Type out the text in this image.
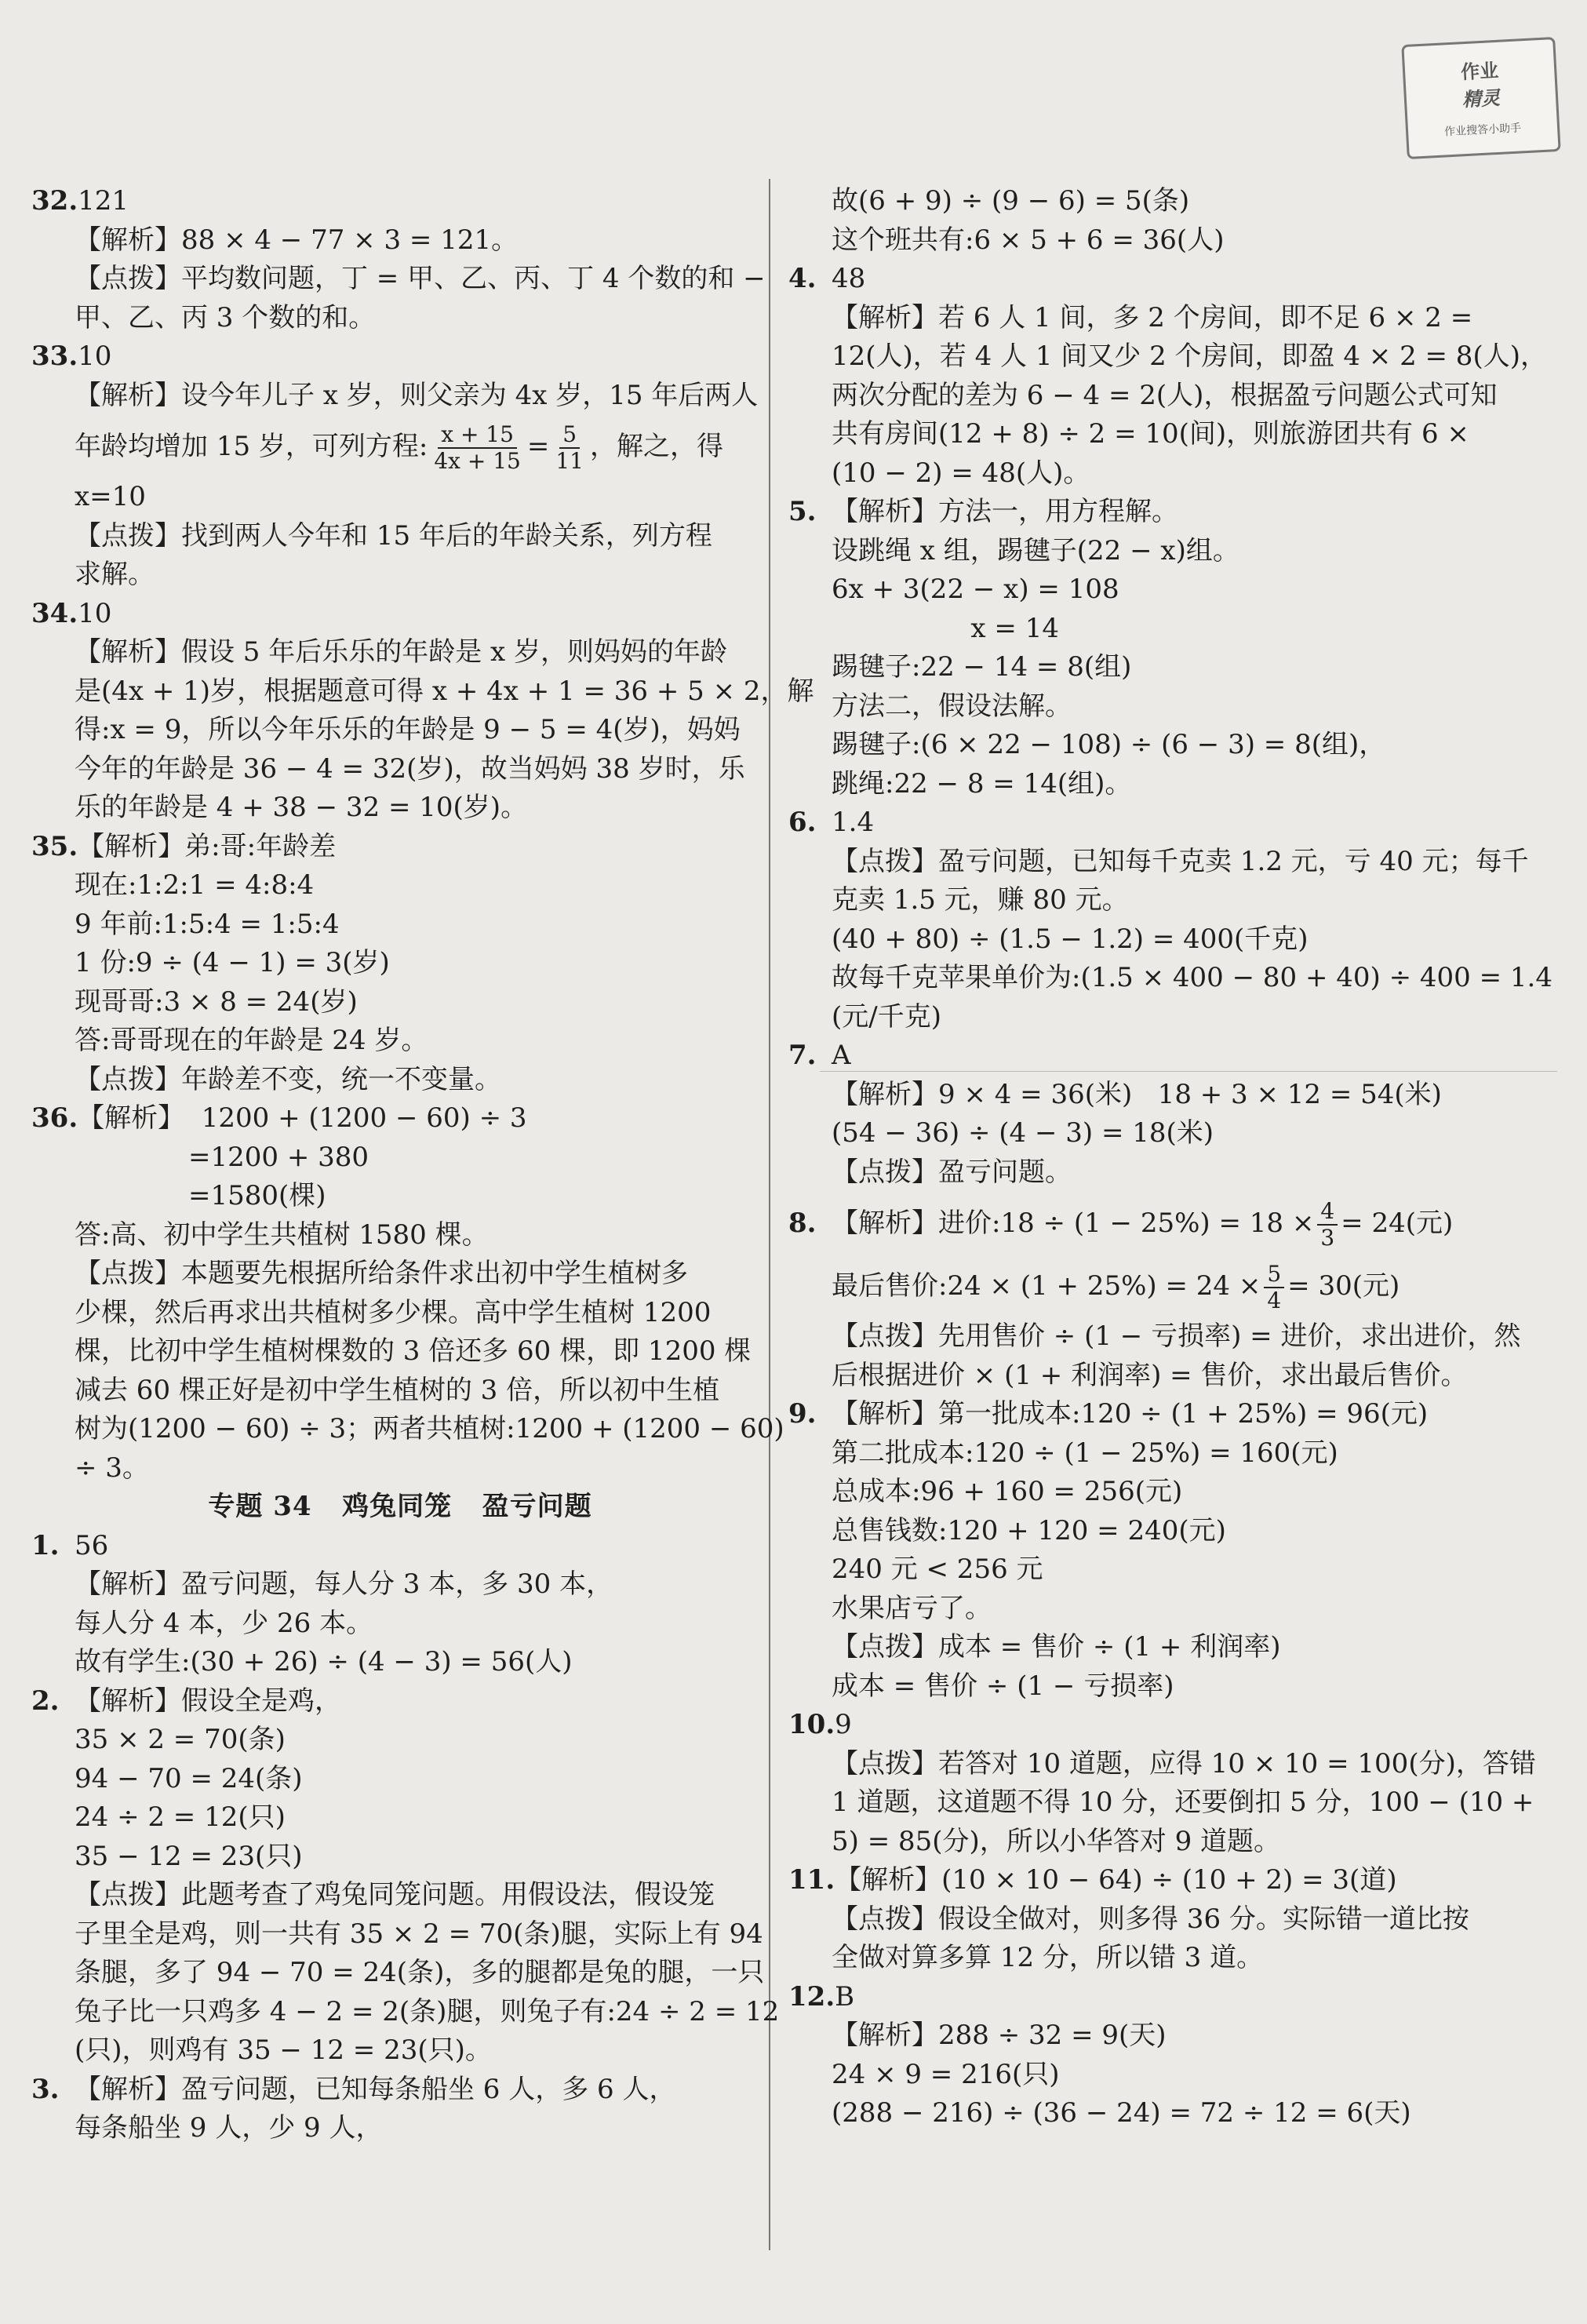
作业
精灵
作业搜答小助手
32.121
【解析】88 × 4 − 77 × 3 = 121。
【点拨】平均数问题，丁 = 甲、乙、丙、丁 4 个数的和 −
甲、乙、丙 3 个数的和。
33.10
【解析】设今年儿子 x 岁，则父亲为 4x 岁，15 年后两人
年龄均增加 15 岁，可列方程: $\frac{x + 15}{4x + 15} = \frac{5}{11}$ ，解之，得
x=10
【点拨】找到两人今年和 15 年后的年龄关系，列方程
求解。
34.10
【解析】假设 5 年后乐乐的年龄是 x 岁，则妈妈的年龄
是(4x + 1)岁，根据题意可得 x + 4x + 1 = 36 + 5 × 2，解
得:x = 9，所以今年乐乐的年龄是 9 − 5 = 4(岁)，妈妈
今年的年龄是 36 − 4 = 32(岁)，故当妈妈 38 岁时，乐
乐的年龄是 4 + 38 − 32 = 10(岁)。
35.【解析】弟:哥:年龄差
现在:1:2:1 = 4:8:4
9 年前:1:5:4 = 1:5:4
1 份:9 ÷ (4 − 1) = 3(岁)
现哥哥:3 × 8 = 24(岁)
答:哥哥现在的年龄是 24 岁。
【点拨】年龄差不变，统一不变量。
36.【解析】  1200 + (1200 − 60) ÷ 3
=1200 + 380
=1580(棵)
答:高、初中学生共植树 1580 棵。
【点拨】本题要先根据所给条件求出初中学生植树多
少棵，然后再求出共植树多少棵。高中学生植树 1200
棵，比初中学生植树棵数的 3 倍还多 60 棵，即 1200 棵
减去 60 棵正好是初中学生植树的 3 倍，所以初中生植
树为(1200 − 60) ÷ 3；两者共植树:1200 + (1200 − 60)
÷ 3。
专题 34   鸡兔同笼   盈亏问题
1. 56
【解析】盈亏问题，每人分 3 本，多 30 本，
每人分 4 本，少 26 本。
故有学生:(30 + 26) ÷ (4 − 3) = 56(人)
2. 【解析】假设全是鸡，
35 × 2 = 70(条)
94 − 70 = 24(条)
24 ÷ 2 = 12(只)
35 − 12 = 23(只)
【点拨】此题考查了鸡兔同笼问题。用假设法，假设笼
子里全是鸡，则一共有 35 × 2 = 70(条)腿，实际上有 94
条腿，多了 94 − 70 = 24(条)，多的腿都是兔的腿，一只
兔子比一只鸡多 4 − 2 = 2(条)腿，则兔子有:24 ÷ 2 = 12
(只)，则鸡有 35 − 12 = 23(只)。
3. 【解析】盈亏问题，已知每条船坐 6 人，多 6 人，
每条船坐 9 人，少 9 人，
故(6 + 9) ÷ (9 − 6) = 5(条)
这个班共有:6 × 5 + 6 = 36(人)
4. 48
【解析】若 6 人 1 间，多 2 个房间，即不足 6 × 2 =
12(人)，若 4 人 1 间又少 2 个房间，即盈 4 × 2 = 8(人)，
两次分配的差为 6 − 4 = 2(人)，根据盈亏问题公式可知
共有房间(12 + 8) ÷ 2 = 10(间)，则旅游团共有 6 ×
(10 − 2) = 48(人)。
5. 【解析】方法一，用方程解。
设跳绳 x 组，踢毽子(22 − x)组。
6x + 3(22 − x) = 108
x = 14
踢毽子:22 − 14 = 8(组)
方法二，假设法解。
踢毽子:(6 × 22 − 108) ÷ (6 − 3) = 8(组)，
跳绳:22 − 8 = 14(组)。
6. 1.4
【点拨】盈亏问题，已知每千克卖 1.2 元，亏 40 元；每千
克卖 1.5 元，赚 80 元。
(40 + 80) ÷ (1.5 − 1.2) = 400(千克)
故每千克苹果单价为:(1.5 × 400 − 80 + 40) ÷ 400 = 1.4
(元/千克)
7. A
【解析】9 × 4 = 36(米)   18 + 3 × 12 = 54(米)
(54 − 36) ÷ (4 − 3) = 18(米)
【点拨】盈亏问题。
8. 【解析】进价:18 ÷ $(1 - 25\%) = 18 \times \frac{4}{3} = 24$(元)
最后售价:24 × $(1 + 25\%) = 24 \times \frac{5}{4} = 30$(元)
【点拨】先用售价 ÷ (1 − 亏损率) = 进价，求出进价，然
后根据进价 × (1 + 利润率) = 售价，求出最后售价。
9. 【解析】第一批成本:120 ÷ (1 + 25%) = 96(元)
第二批成本:120 ÷ (1 − 25%) = 160(元)
总成本:96 + 160 = 256(元)
总售钱数:120 + 120 = 240(元)
240 元 < 256 元
水果店亏了。
【点拨】成本 = 售价 ÷ (1 + 利润率)
成本 = 售价 ÷ (1 − 亏损率)
10.9
【点拨】若答对 10 道题，应得 10 × 10 = 100(分)，答错
1 道题，这道题不得 10 分，还要倒扣 5 分，100 − (10 +
5) = 85(分)，所以小华答对 9 道题。
11.【解析】(10 × 10 − 64) ÷ (10 + 2) = 3(道)
【点拨】假设全做对，则多得 36 分。实际错一道比按
全做对算多算 12 分，所以错 3 道。
12.B
【解析】288 ÷ 32 = 9(天)
24 × 9 = 216(只)
(288 − 216) ÷ (36 − 24) = 72 ÷ 12 = 6(天)
